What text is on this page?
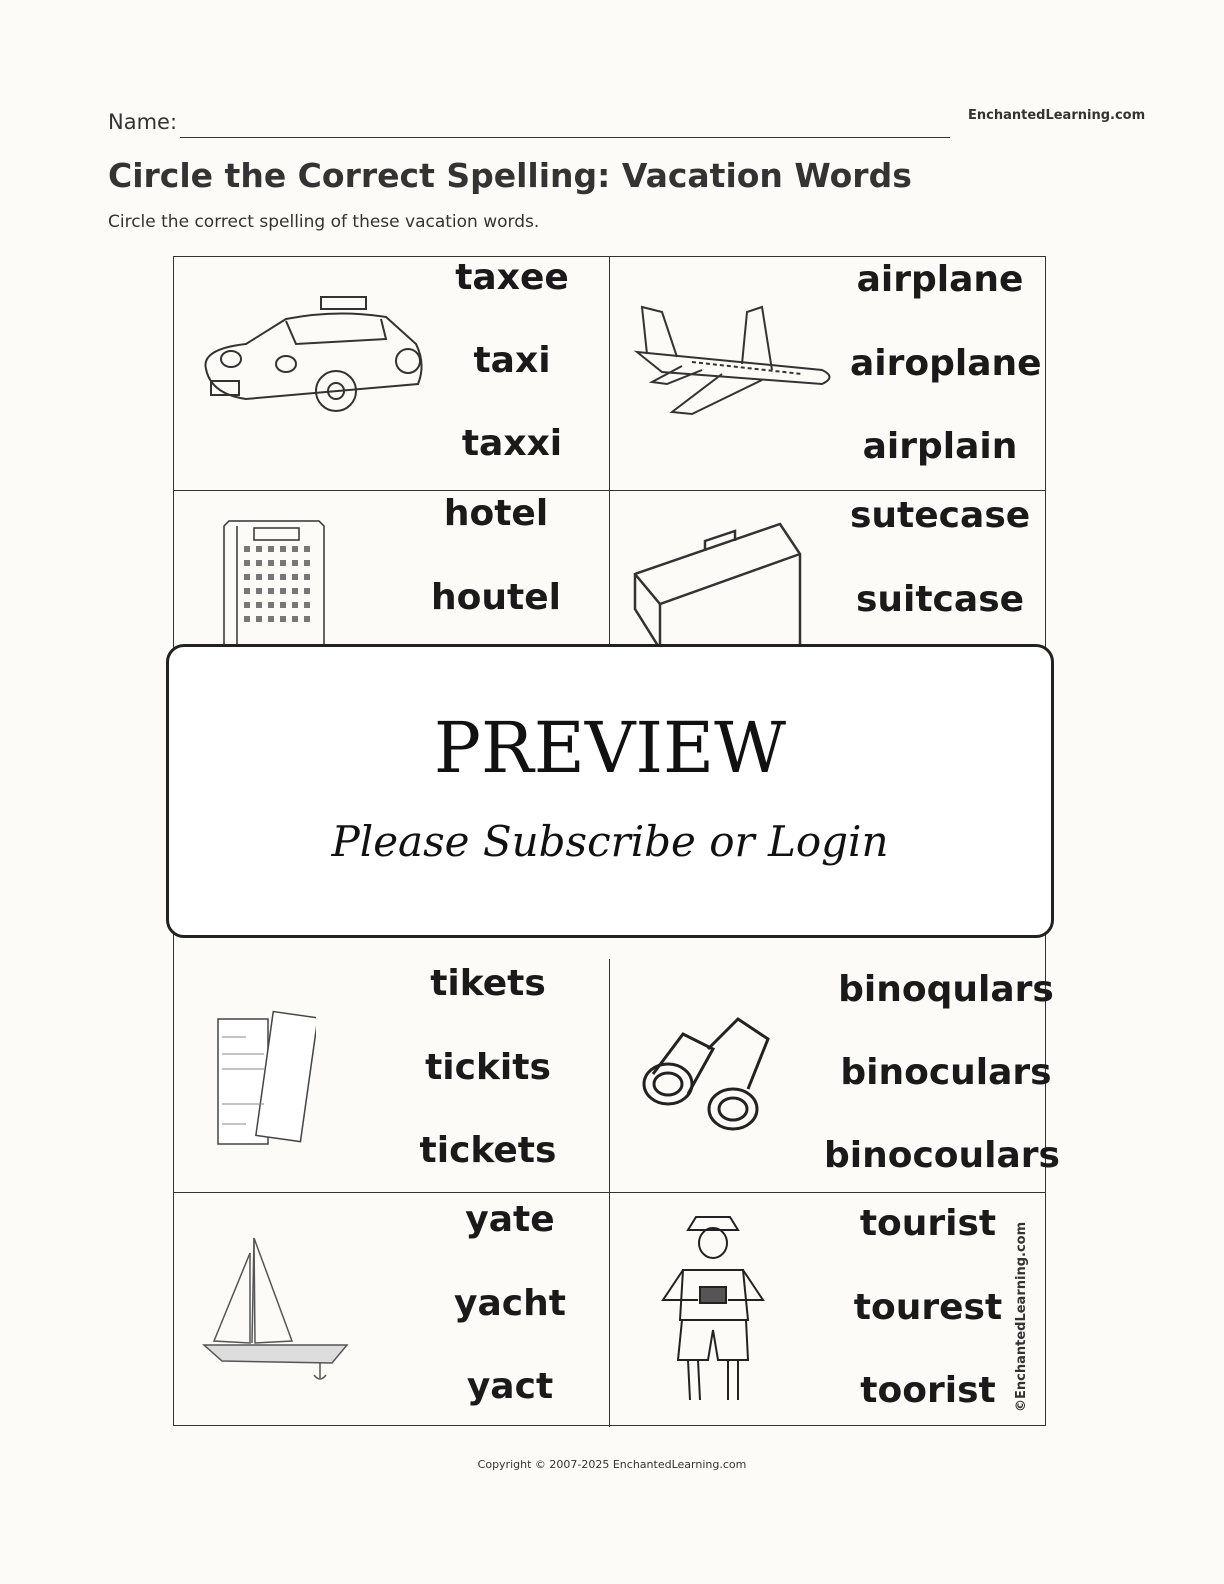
Name:	EnchantedLearning.com
Circle the Correct Spelling: Vacation Words
Circle the correct spelling of these vacation words.
taxee
taxi
taxxi
airplane
airoplane
airplain
hotel
houtel
sutecase
suitcase
tikets
tickits
tickets
binoqulars
binoculars
binocoulars
yate
yacht
yact
tourist
tourest
toorist	©EnchantedLearning.com
PREVIEW
Please Subscribe or Login
Copyright © 2007-2025 EnchantedLearning.com
